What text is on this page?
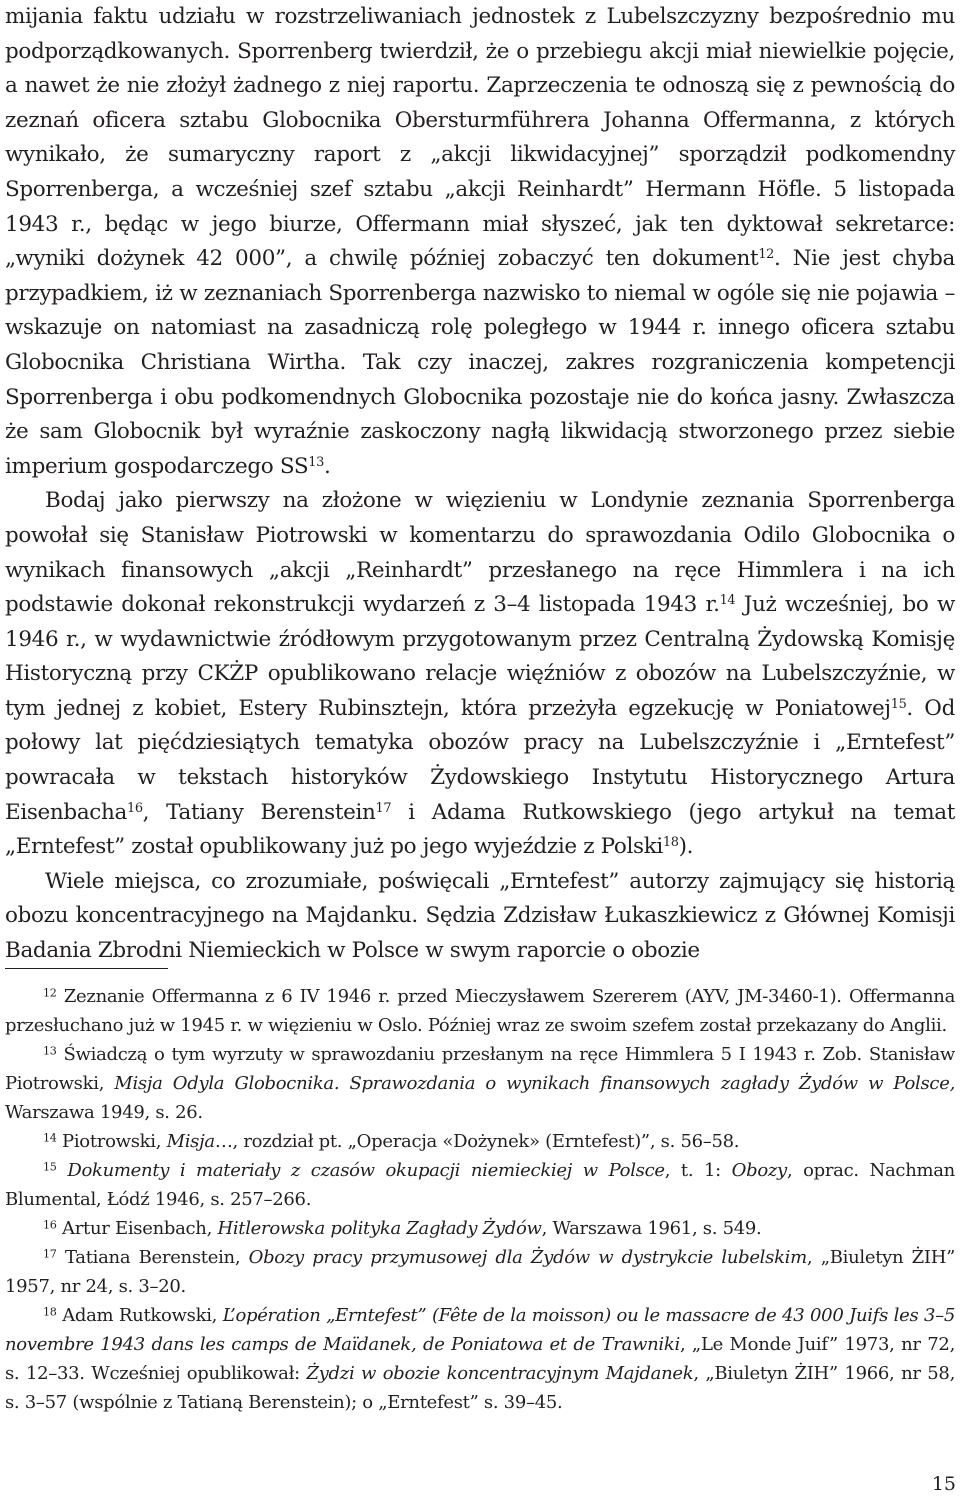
mijania faktu udziału w rozstrzeliwaniach jednostek z Lubelszczyzny bezpośrednio mu podporządkowanych. Sporrenberg twierdził, że o przebiegu akcji miał niewielkie pojęcie, a nawet że nie złożył żadnego z niej raportu. Zaprzeczenia te odnoszą się z pewnością do zeznań oficera sztabu Globocnika Obersturmführera Johanna Offermanna, z których wynikało, że sumaryczny raport z „akcji likwidacyjnej” sporządził podkomendny Sporrenberga, a wcześniej szef sztabu „akcji Reinhardt” Hermann Höfle. 5 listopada 1943 r., będąc w jego biurze, Offermann miał słyszeć, jak ten dyktował sekretarce: „wyniki dożynek 42 000”, a chwilę później zobaczyć ten dokument$^{12}$. Nie jest chyba przypadkiem, iż w zeznaniach Sporrenberga nazwisko to niemal w ogóle się nie pojawia – wskazuje on natomiast na zasadniczą rolę poległego w 1944 r. innego oficera sztabu Globocnika Christiana Wirtha. Tak czy inaczej, zakres rozgraniczenia kompetencji Sporrenberga i obu podkomendnych Globocnika pozostaje nie do końca jasny. Zwłaszcza że sam Globocnik był wyraźnie zaskoczony nagłą likwidacją stworzonego przez siebie imperium gospodarczego SS$^{13}$.

Bodaj jako pierwszy na złożone w więzieniu w Londynie zeznania Sporrenberga powołał się Stanisław Piotrowski w komentarzu do sprawozdania Odilo Globocnika o wynikach finansowych „akcji „Reinhardt” przesłanego na ręce Himmlera i na ich podstawie dokonał rekonstrukcji wydarzeń z 3–4 listopada 1943 r.$^{14}$ Już wcześniej, bo w 1946 r., w wydawnictwie źródłowym przygotowanym przez Centralną Żydowską Komisję Historyczną przy CKŻP opublikowano relacje więźniów z obozów na Lubelszczyźnie, w tym jednej z kobiet, Estery Rubinsztejn, która przeżyła egzekucję w Poniatowej$^{15}$. Od połowy lat pięćdziesiątych tematyka obozów pracy na Lubelszczyźnie i „Erntefest” powracała w tekstach historyków Żydowskiego Instytutu Historycznego Artura Eisenbacha$^{16}$, Tatiany Berenstein$^{17}$ i Adama Rutkowskiego (jego artykuł na temat „Erntefest” został opublikowany już po jego wyjeździe z Polski$^{18}$).

Wiele miejsca, co zrozumiałe, poświęcali „Erntefest” autorzy zajmujący się historią obozu koncentracyjnego na Majdanku. Sędzia Zdzisław Łukaszkiewicz z Głównej Komisji Badania Zbrodni Niemieckich w Polsce w swym raporcie o obozie

$^{12}$ Zeznanie Offermanna z 6 IV 1946 r. przed Mieczysławem Szererem (AYV, JM-3460-1). Offermanna przesłuchano już w 1945 r. w więzieniu w Oslo. Później wraz ze swoim szefem został przekazany do Anglii.

$^{13}$ Świadczą o tym wyrzuty w sprawozdaniu przesłanym na ręce Himmlera 5 I 1943 r. Zob. Stanisław Piotrowski, Misja Odyla Globocnika. Sprawozdania o wynikach finansowych zagłady Żydów w Polsce, Warszawa 1949, s. 26.

$^{14}$ Piotrowski, Misja…, rozdział pt. „Operacja «Dożynek» (Erntefest)”, s. 56–58.

$^{15}$ Dokumenty i materiały z czasów okupacji niemieckiej w Polsce, t. 1: Obozy, oprac. Nachman Blumental, Łódź 1946, s. 257–266.

$^{16}$ Artur Eisenbach, Hitlerowska polityka Zagłady Żydów, Warszawa 1961, s. 549.

$^{17}$ Tatiana Berenstein, Obozy pracy przymusowej dla Żydów w dystrykcie lubelskim, „Biuletyn ŻIH” 1957, nr 24, s. 3–20.

$^{18}$ Adam Rutkowski, L’opération „Erntefest” (Fête de la moisson) ou le massacre de 43 000 Juifs les 3–5 novembre 1943 dans les camps de Maïdanek, de Poniatowa et de Trawniki, „Le Monde Juif” 1973, nr 72, s. 12–33. Wcześniej opublikował: Żydzi w obozie koncentracyjnym Majdanek, „Biuletyn ŻIH” 1966, nr 58, s. 3–57 (wspólnie z Tatianą Berenstein); o „Erntefest” s. 39–45.

15
